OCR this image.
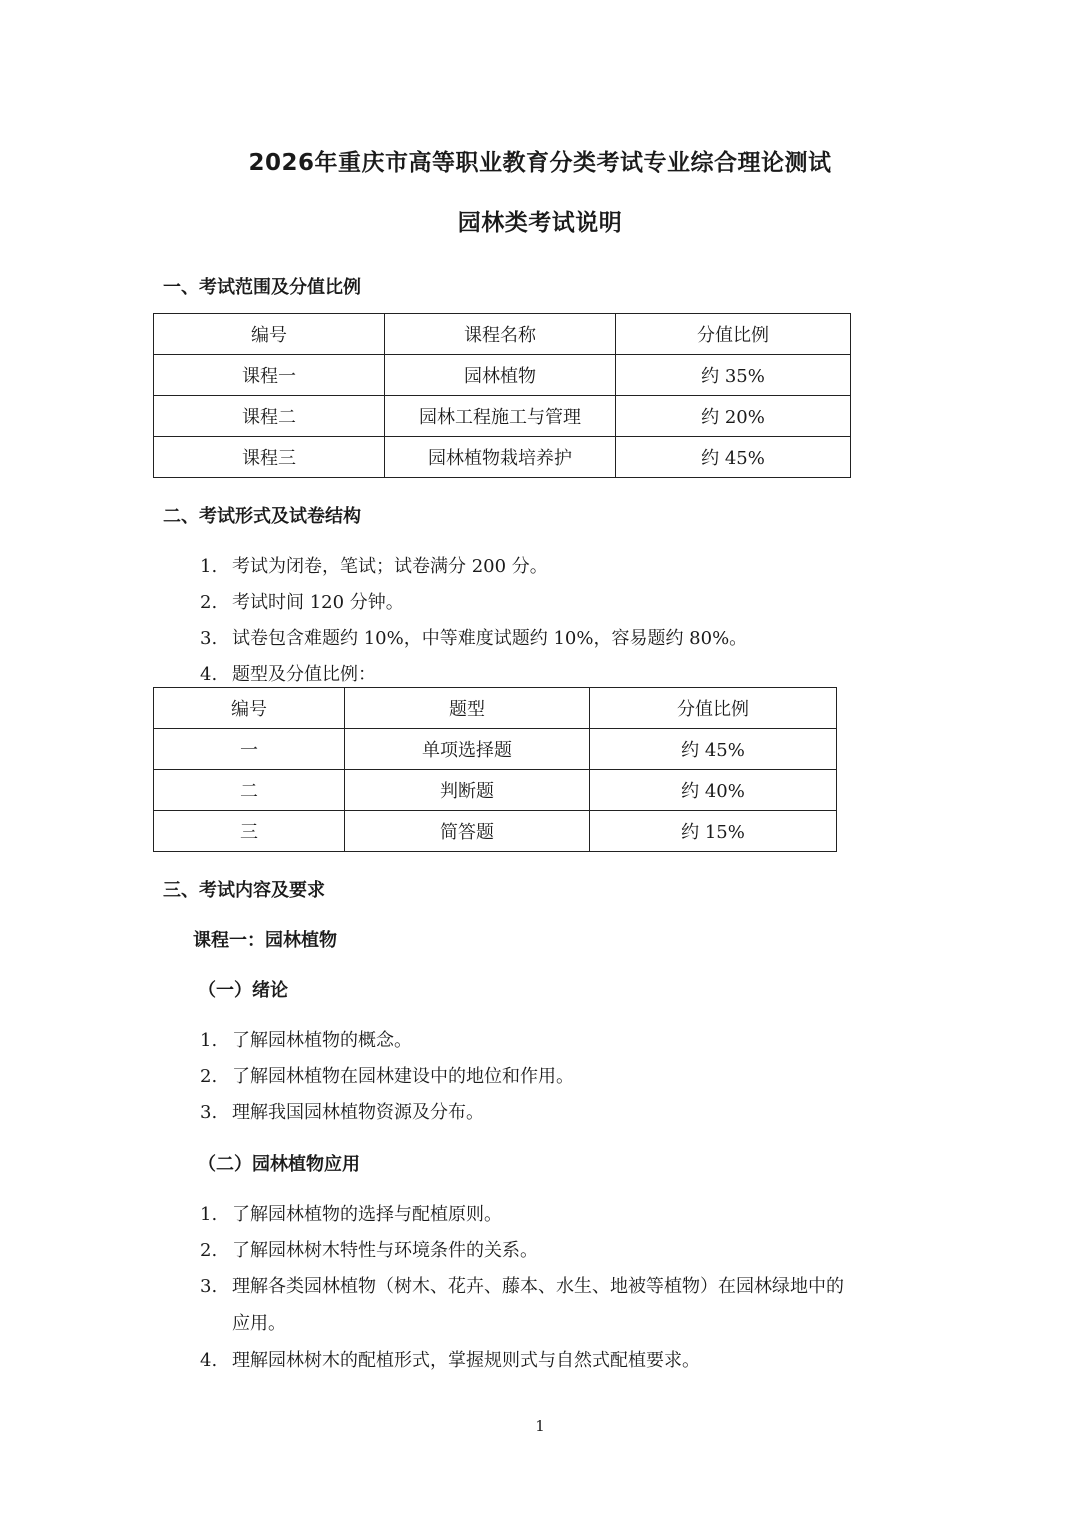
2026年重庆市高等职业教育分类考试专业综合理论测试
园林类考试说明
一、考试范围及分值比例
编号	课程名称	分值比例
课程一	园林植物	约 35%
课程二	园林工程施工与管理	约 20%
课程三	园林植物栽培养护	约 45%
二、考试形式及试卷结构
1. 考试为闭卷，笔试；试卷满分 200 分。
2. 考试时间 120 分钟。
3. 试卷包含难题约 10%，中等难度试题约 10%，容易题约 80%。
4. 题型及分值比例：
编号	题型	分值比例
一	单项选择题	约 45%
二	判断题	约 40%
三	简答题	约 15%
三、考试内容及要求
课程一：园林植物
（一）绪论
1. 了解园林植物的概念。
2. 了解园林植物在园林建设中的地位和作用。
3. 理解我国园林植物资源及分布。
（二）园林植物应用
1. 了解园林植物的选择与配植原则。
2. 了解园林树木特性与环境条件的关系。
3. 理解各类园林植物（树木、花卉、藤本、水生、地被等植物）在园林绿地中的
应用。
4. 理解园林树木的配植形式，掌握规则式与自然式配植要求。
1
